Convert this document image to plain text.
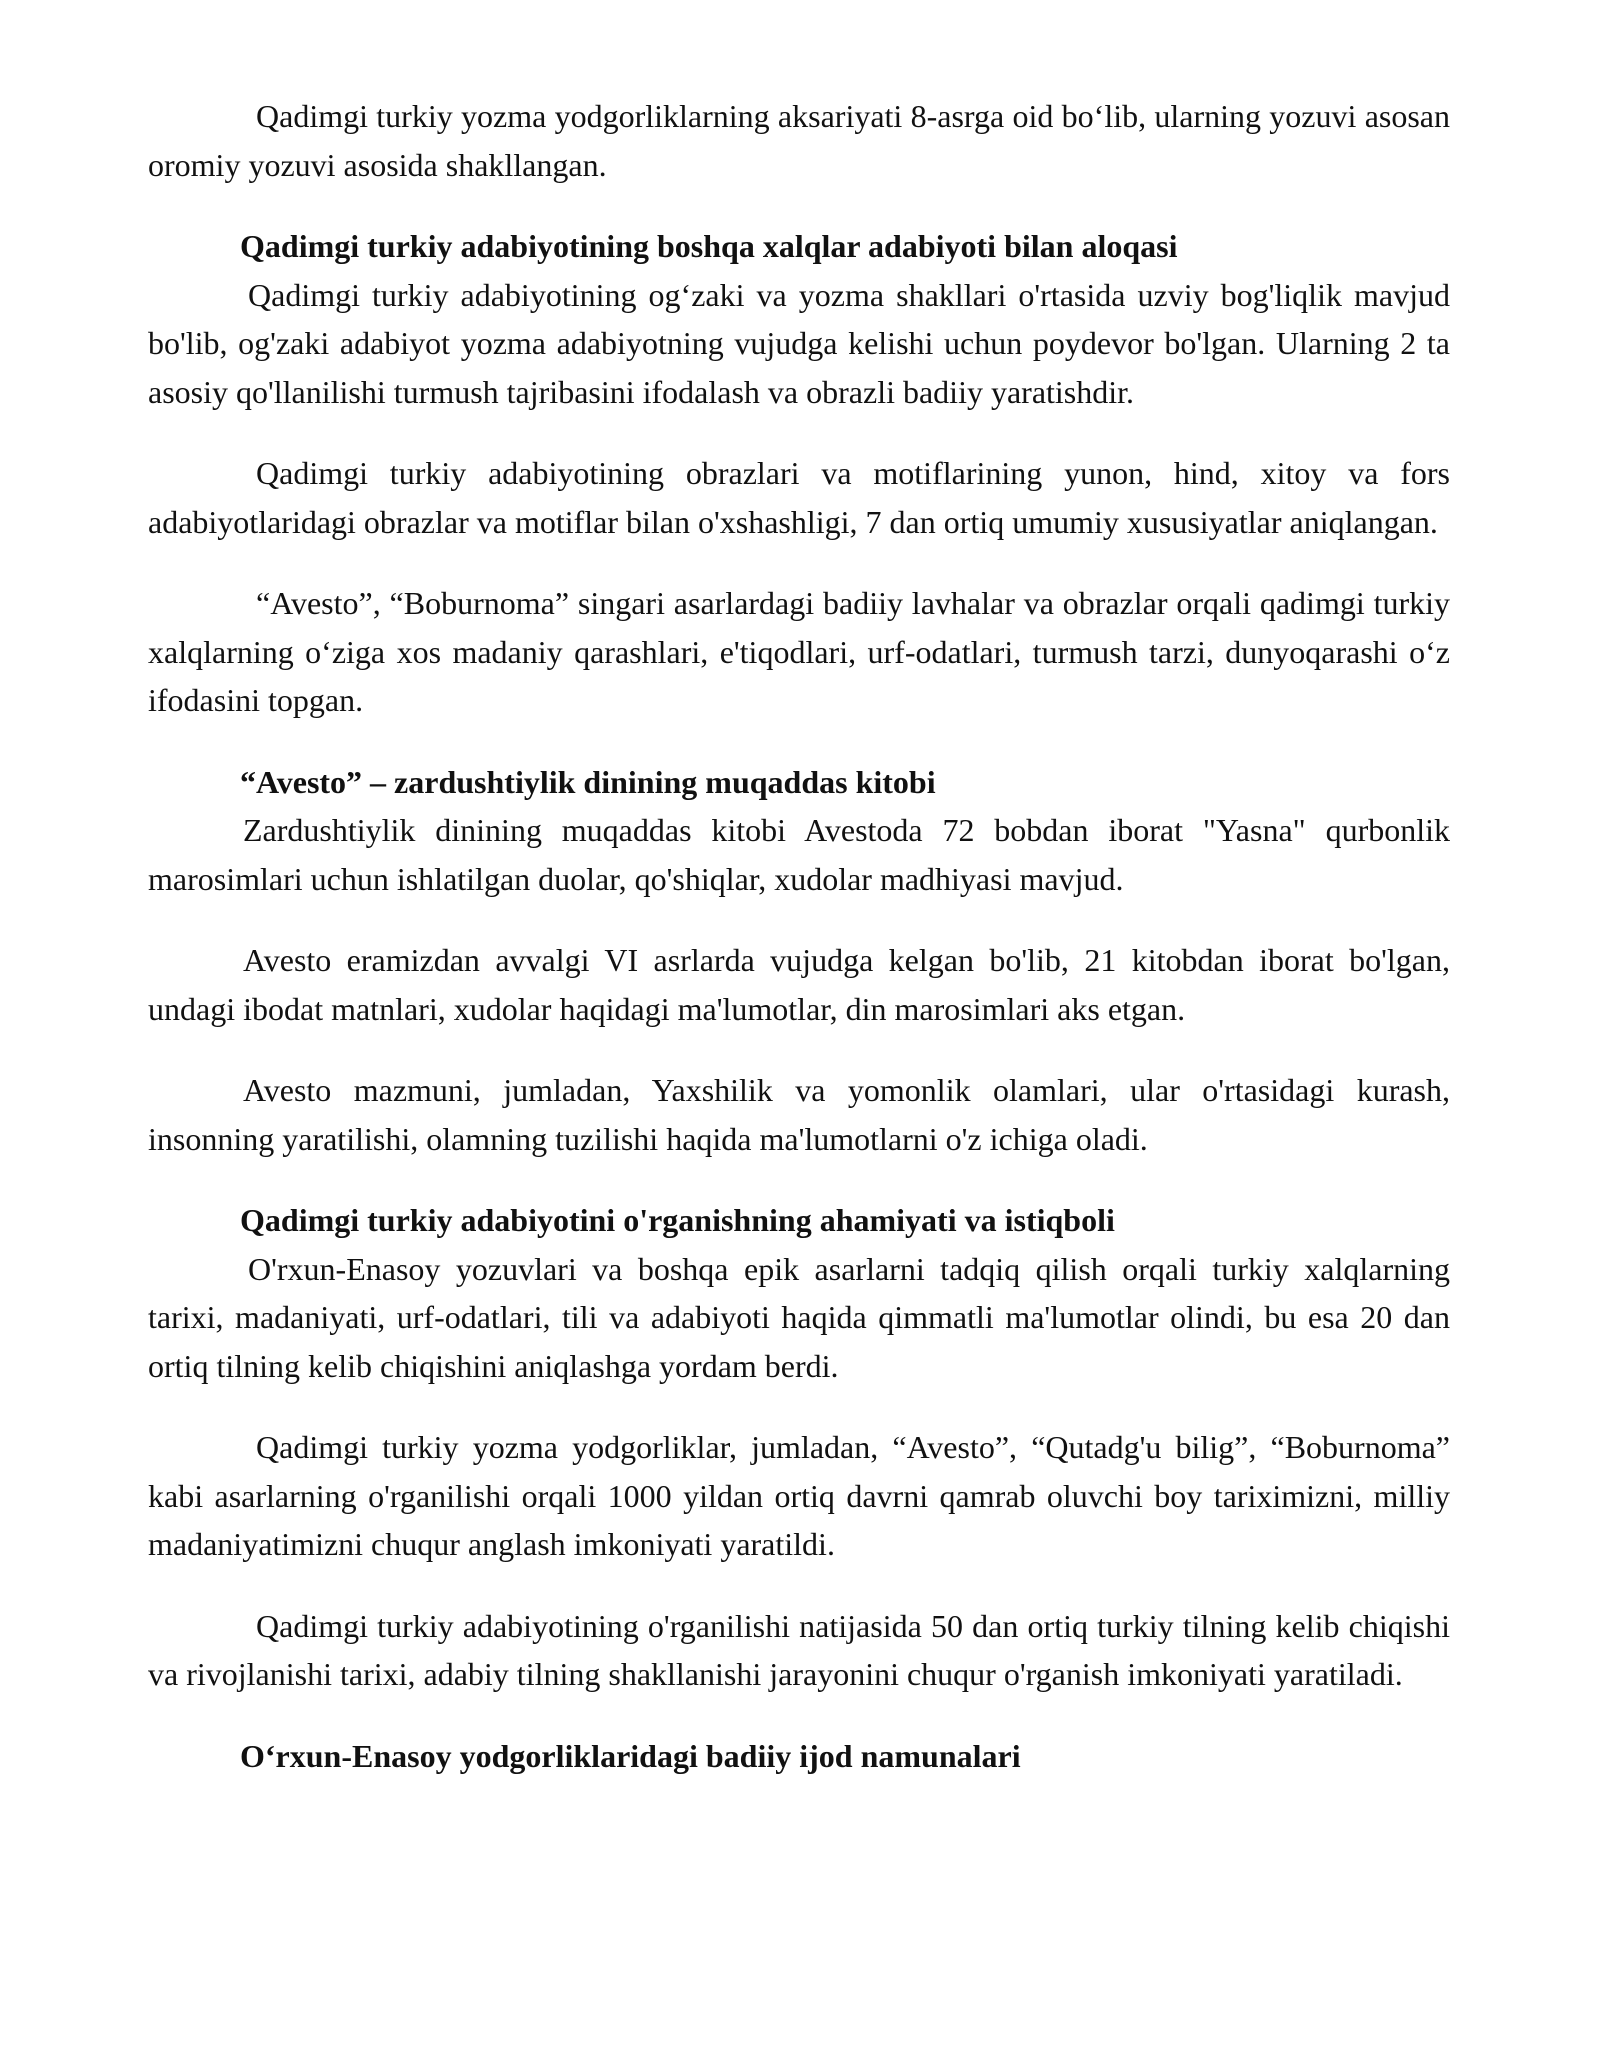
Qadimgi turkiy yozma yodgorliklarning aksariyati 8-asrga oid bo‘lib, ularning yozuvi asosan oromiy yozuvi asosida shakllangan.

Qadimgi turkiy adabiyotining boshqa xalqlar adabiyoti bilan aloqasi

Qadimgi turkiy adabiyotining og‘zaki va yozma shakllari o'rtasida uzviy bog'liqlik mavjud bo'lib, og'zaki adabiyot yozma adabiyotning vujudga kelishi uchun poydevor bo'lgan. Ularning 2 ta asosiy qo'llanilishi turmush tajribasini ifodalash va obrazli badiiy yaratishdir.

Qadimgi turkiy adabiyotining obrazlari va motiflarining yunon, hind, xitoy va fors adabiyotlaridagi obrazlar va motiflar bilan o'xshashligi, 7 dan ortiq umumiy xususiyatlar aniqlangan.

“Avesto”, “Boburnoma” singari asarlardagi badiiy lavhalar va obrazlar orqali qadimgi turkiy xalqlarning o‘ziga xos madaniy qarashlari, e'tiqodlari, urf-odatlari, turmush tarzi, dunyoqarashi o‘z ifodasini topgan.

“Avesto” – zardushtiylik dinining muqaddas kitobi

Zardushtiylik dinining muqaddas kitobi Avestoda 72 bobdan iborat "Yasna" qurbonlik marosimlari uchun ishlatilgan duolar, qo'shiqlar, xudolar madhiyasi mavjud.

Avesto eramizdan avvalgi VI asrlarda vujudga kelgan bo'lib, 21 kitobdan iborat bo'lgan, undagi ibodat matnlari, xudolar haqidagi ma'lumotlar, din marosimlari aks etgan.

Avesto mazmuni, jumladan, Yaxshilik va yomonlik olamlari, ular o'rtasidagi kurash, insonning yaratilishi, olamning tuzilishi haqida ma'lumotlarni o'z ichiga oladi.

Qadimgi turkiy adabiyotini o'rganishning ahamiyati va istiqboli

O'rxun-Enasoy yozuvlari va boshqa epik asarlarni tadqiq qilish orqali turkiy xalqlarning tarixi, madaniyati, urf-odatlari, tili va adabiyoti haqida qimmatli ma'lumotlar olindi, bu esa 20 dan ortiq tilning kelib chiqishini aniqlashga yordam berdi.

Qadimgi turkiy yozma yodgorliklar, jumladan, “Avesto”, “Qutadg'u bilig”, “Boburnoma” kabi asarlarning o'rganilishi orqali 1000 yildan ortiq davrni qamrab oluvchi boy tariximizni, milliy madaniyatimizni chuqur anglash imkoniyati yaratildi.

Qadimgi turkiy adabiyotining o'rganilishi natijasida 50 dan ortiq turkiy tilning kelib chiqishi va rivojlanishi tarixi, adabiy tilning shakllanishi jarayonini chuqur o'rganish imkoniyati yaratiladi.

O‘rxun-Enasoy yodgorliklaridagi badiiy ijod namunalari
